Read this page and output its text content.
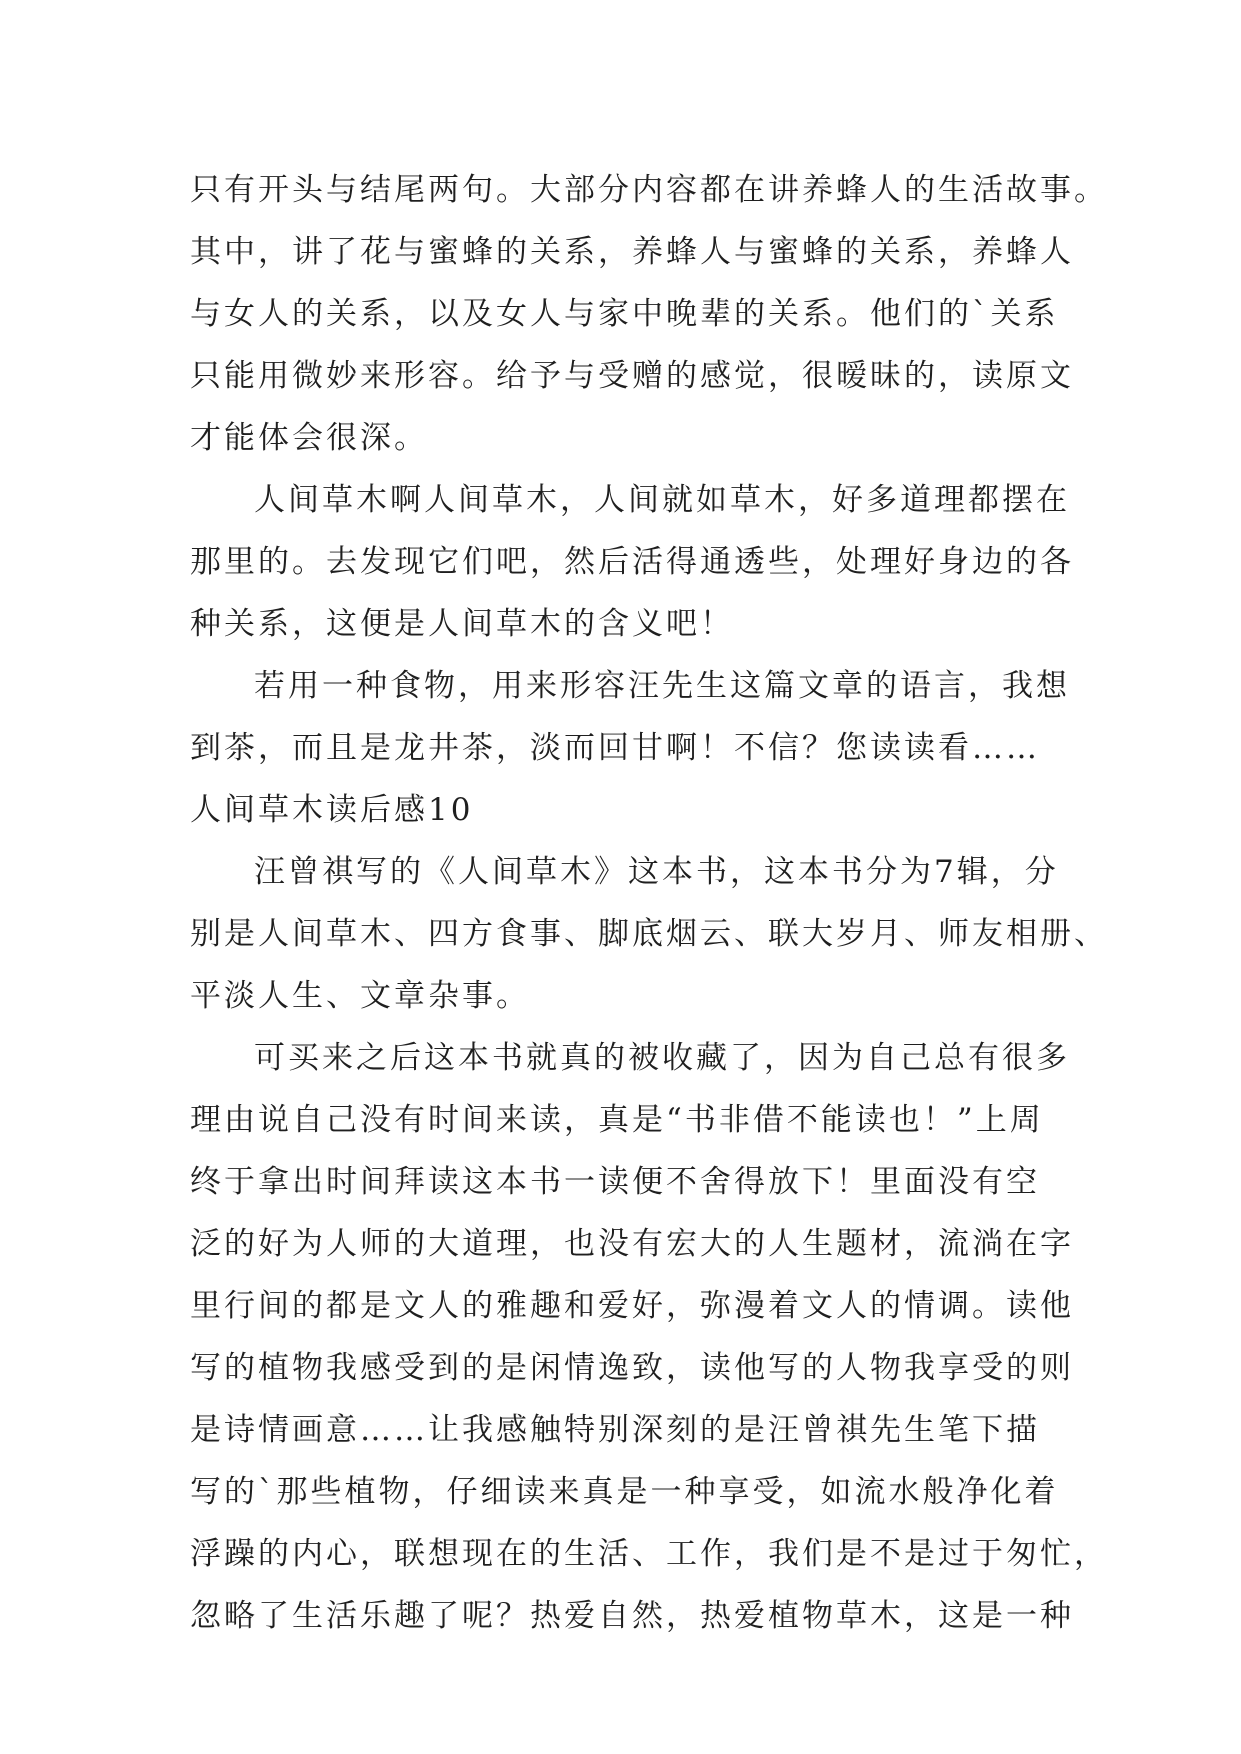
只有开头与结尾两句。大部分内容都在讲养蜂人的生活故事。
其中，讲了花与蜜蜂的关系，养蜂人与蜜蜂的关系，养蜂人
与女人的关系，以及女人与家中晚辈的关系。他们的`关系
只能用微妙来形容。给予与受赠的感觉，很暧昧的，读原文
才能体会很深。
人间草木啊人间草木，人间就如草木，好多道理都摆在
那里的。去发现它们吧，然后活得通透些，处理好身边的各
种关系，这便是人间草木的含义吧！
若用一种食物，用来形容汪先生这篇文章的语言，我想
到茶，而且是龙井茶，淡而回甘啊！不信？您读读看……
人间草木读后感10
汪曾祺写的《人间草木》这本书，这本书分为7辑，分
别是人间草木、四方食事、脚底烟云、联大岁月、师友相册、
平淡人生、文章杂事。
可买来之后这本书就真的被收藏了，因为自己总有很多
理由说自己没有时间来读，真是“书非借不能读也！”上周
终于拿出时间拜读这本书一读便不舍得放下！里面没有空
泛的好为人师的大道理，也没有宏大的人生题材，流淌在字
里行间的都是文人的雅趣和爱好，弥漫着文人的情调。读他
写的植物我感受到的是闲情逸致，读他写的人物我享受的则
是诗情画意……让我感触特别深刻的是汪曾祺先生笔下描
写的`那些植物，仔细读来真是一种享受，如流水般净化着
浮躁的内心，联想现在的生活、工作，我们是不是过于匆忙，
忽略了生活乐趣了呢？热爱自然，热爱植物草木，这是一种
